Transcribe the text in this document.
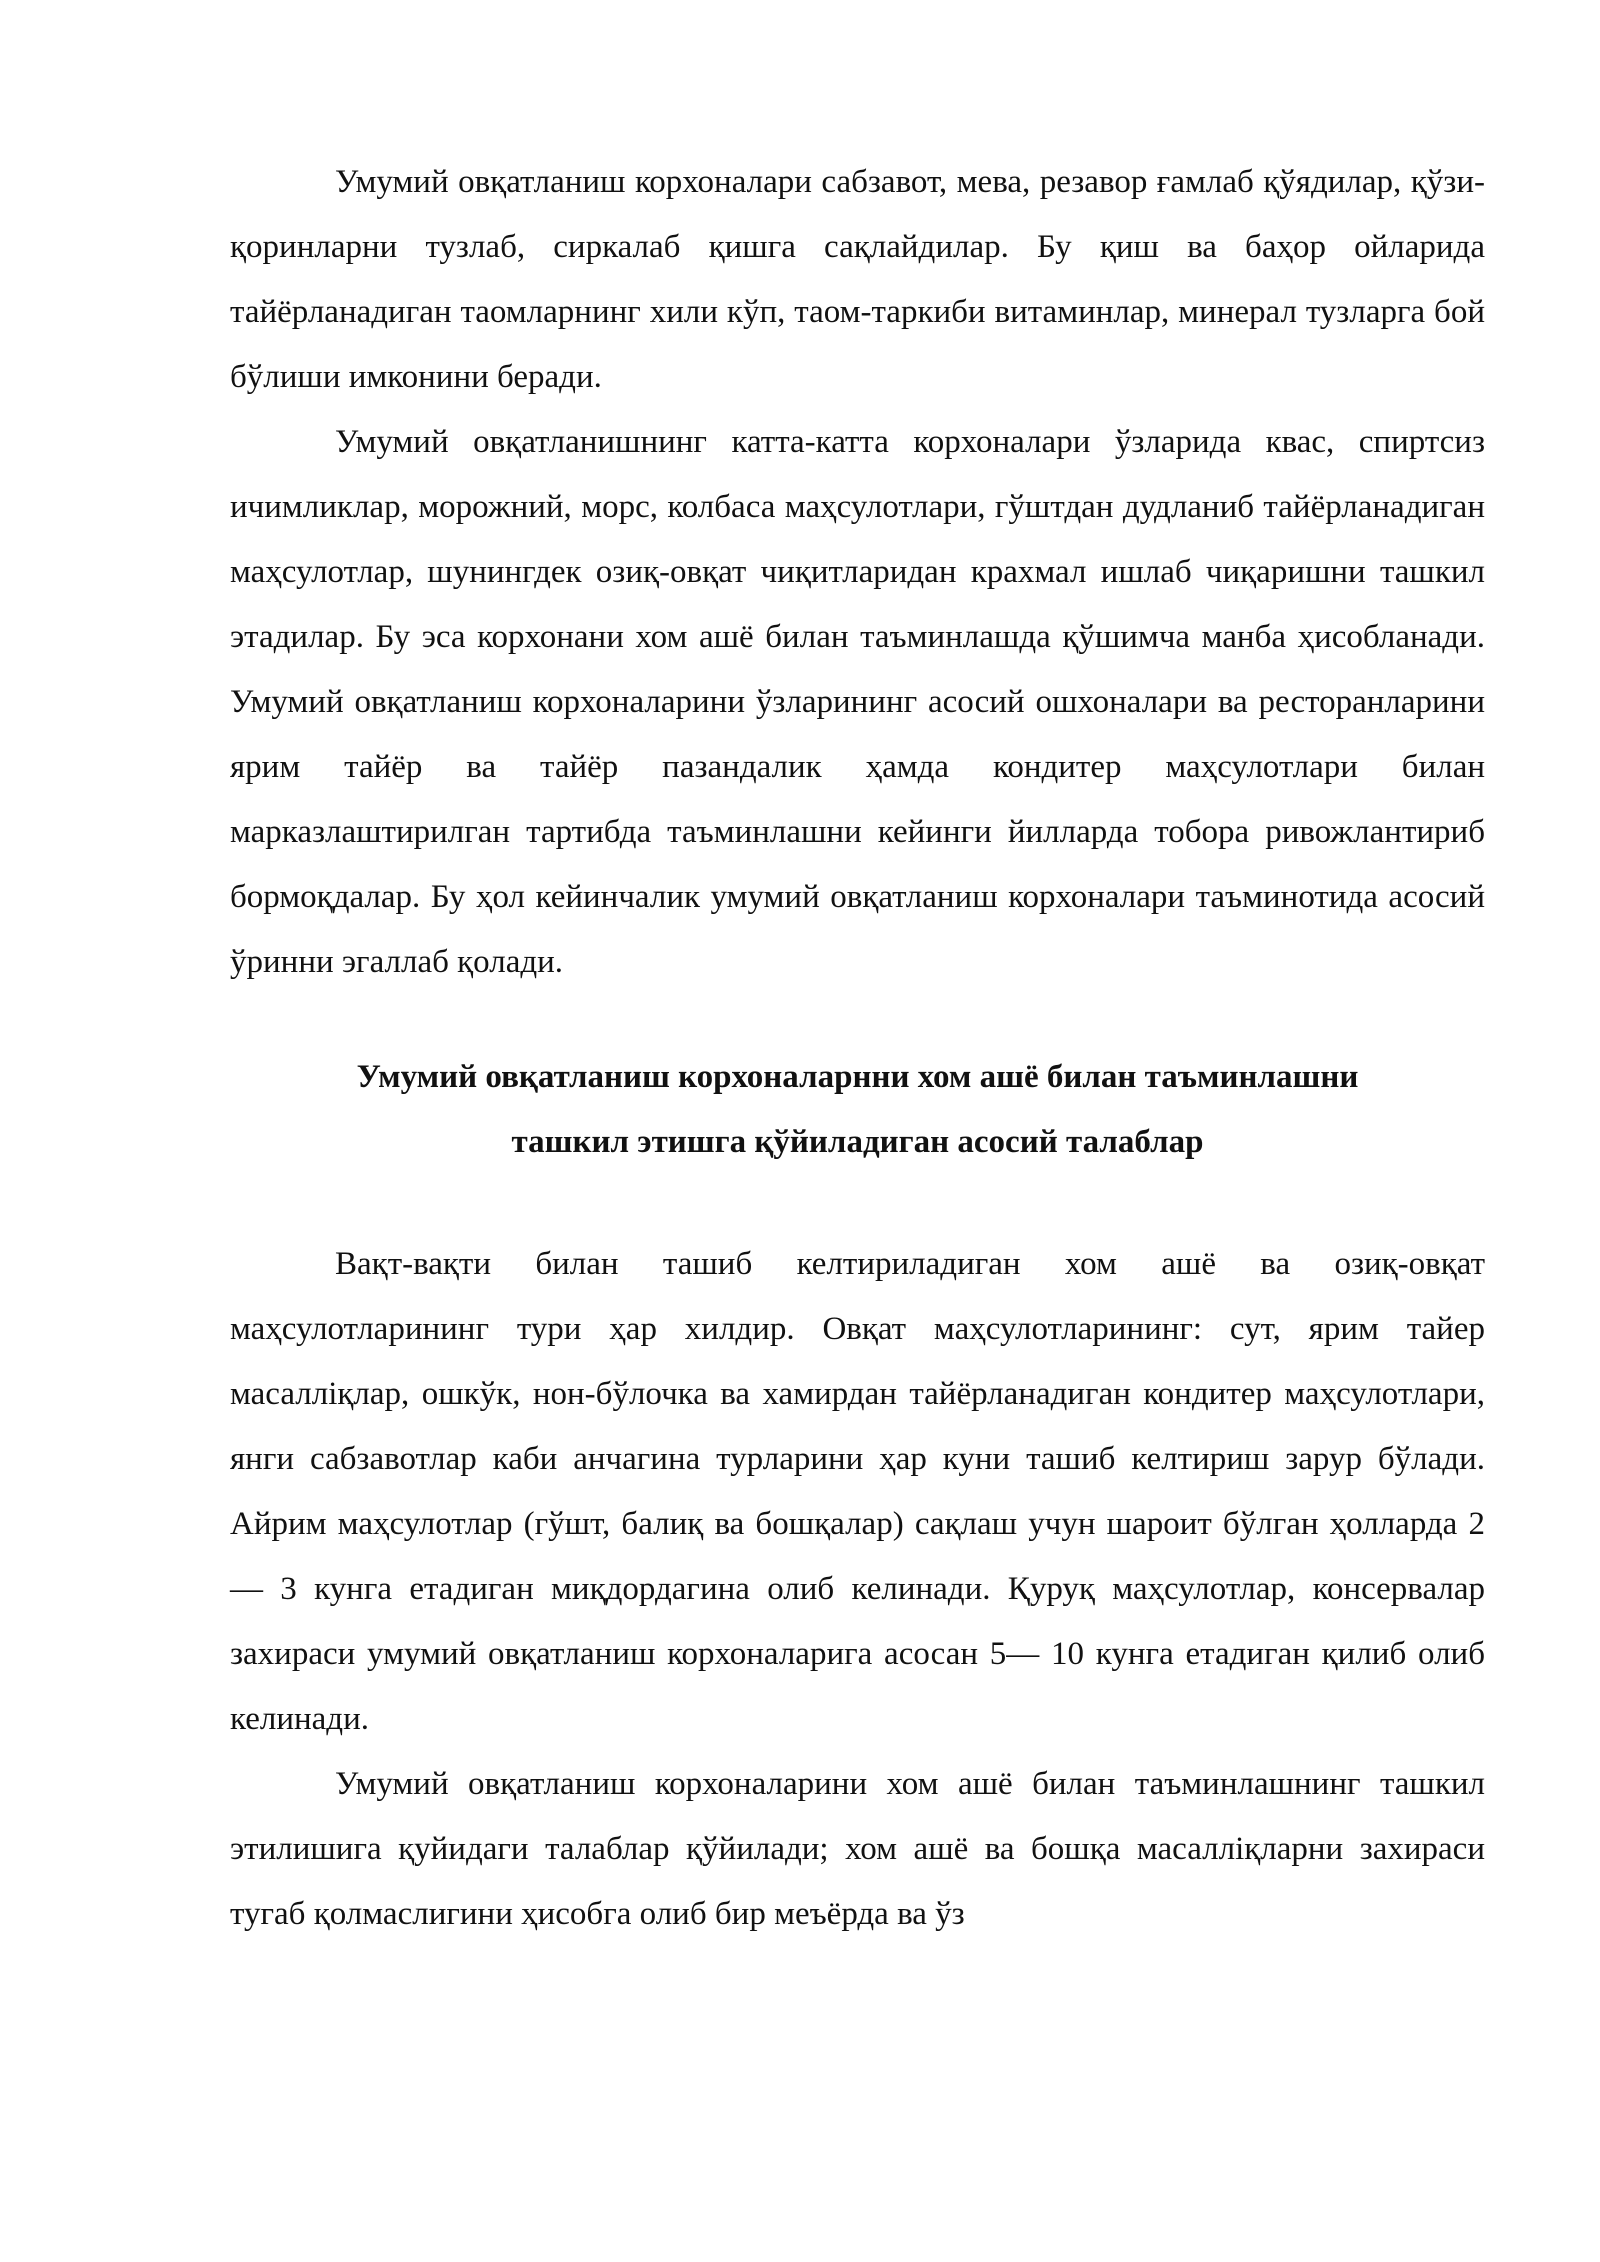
Умумий овқатланиш корхоналари сабзавот, мева, резавор ғамлаб қўядилар, қўзи-қоринларни тузлаб, сиркалаб қишга сақлайдилар. Бу қиш ва баҳор ойларида тайёрланадиган таомларнинг хили кўп, таом-таркиби витаминлар, минерал тузларга бой бўлиши имконини беради.

Умумий овқатланишнинг катта-катта корхоналари ўзларида квас, спиртсиз ичимликлар, морожний, морс, колбаса маҳсулотлари, гўштдан дудланиб тайёрланадиган маҳсулотлар, шунингдек озиқ-овқат чиқитларидан крахмал ишлаб чиқаришни ташкил этадилар. Бу эса корхонани хом ашё билан таъминлашда қўшимча манба ҳисобланади. Умумий овқатланиш корхоналарини ўзларининг асосий ошхоналари ва ресторанларини ярим тайёр ва тайёр пазандалик ҳамда кондитер маҳсулотлари билан марказлаштирилган тартибда таъминлашни кейинги йилларда тобора ривожлантириб бормоқдалар. Бу ҳол кейинчалик умумий овқатланиш корхоналари таъминотида асосий ўринни эгаллаб қолади.

Умумий овқатланиш корхоналарнни хом ашё билан таъминлашни
ташкил этишга қўйиладиган асосий талаблар

Вақт-вақти билан ташиб келтириладиган хом ашё ва озиқ-овқат маҳсулотларининг тури ҳар хилдир. Овқат маҳсулотларининг: сут, ярим тайер масалліқлар, ошкўк, нон-бўлочка ва хамирдан тайёрланадиган кондитер маҳсулотлари, янги сабзавотлар каби анчагина турларини ҳар куни ташиб келтириш зарур бўлади. Айрим маҳсулотлар (гўшт, балиқ ва бошқалар) сақлаш учун шароит бўлган ҳолларда 2 — 3 кунга етадиган миқдордагина олиб келинади. Қуруқ маҳсулотлар, консервалар захираси умумий овқатланиш корхоналарига асосан 5— 10 кунга етадиган қилиб олиб келинади.

Умумий овқатланиш корхоналарини хом ашё билан таъминлашнинг ташкил этилишига қуйидаги талаблар қўйилади; хом ашё ва бошқа масалліқларни захираси тугаб қолмаслигини ҳисобга олиб бир меъёрда ва ўз
